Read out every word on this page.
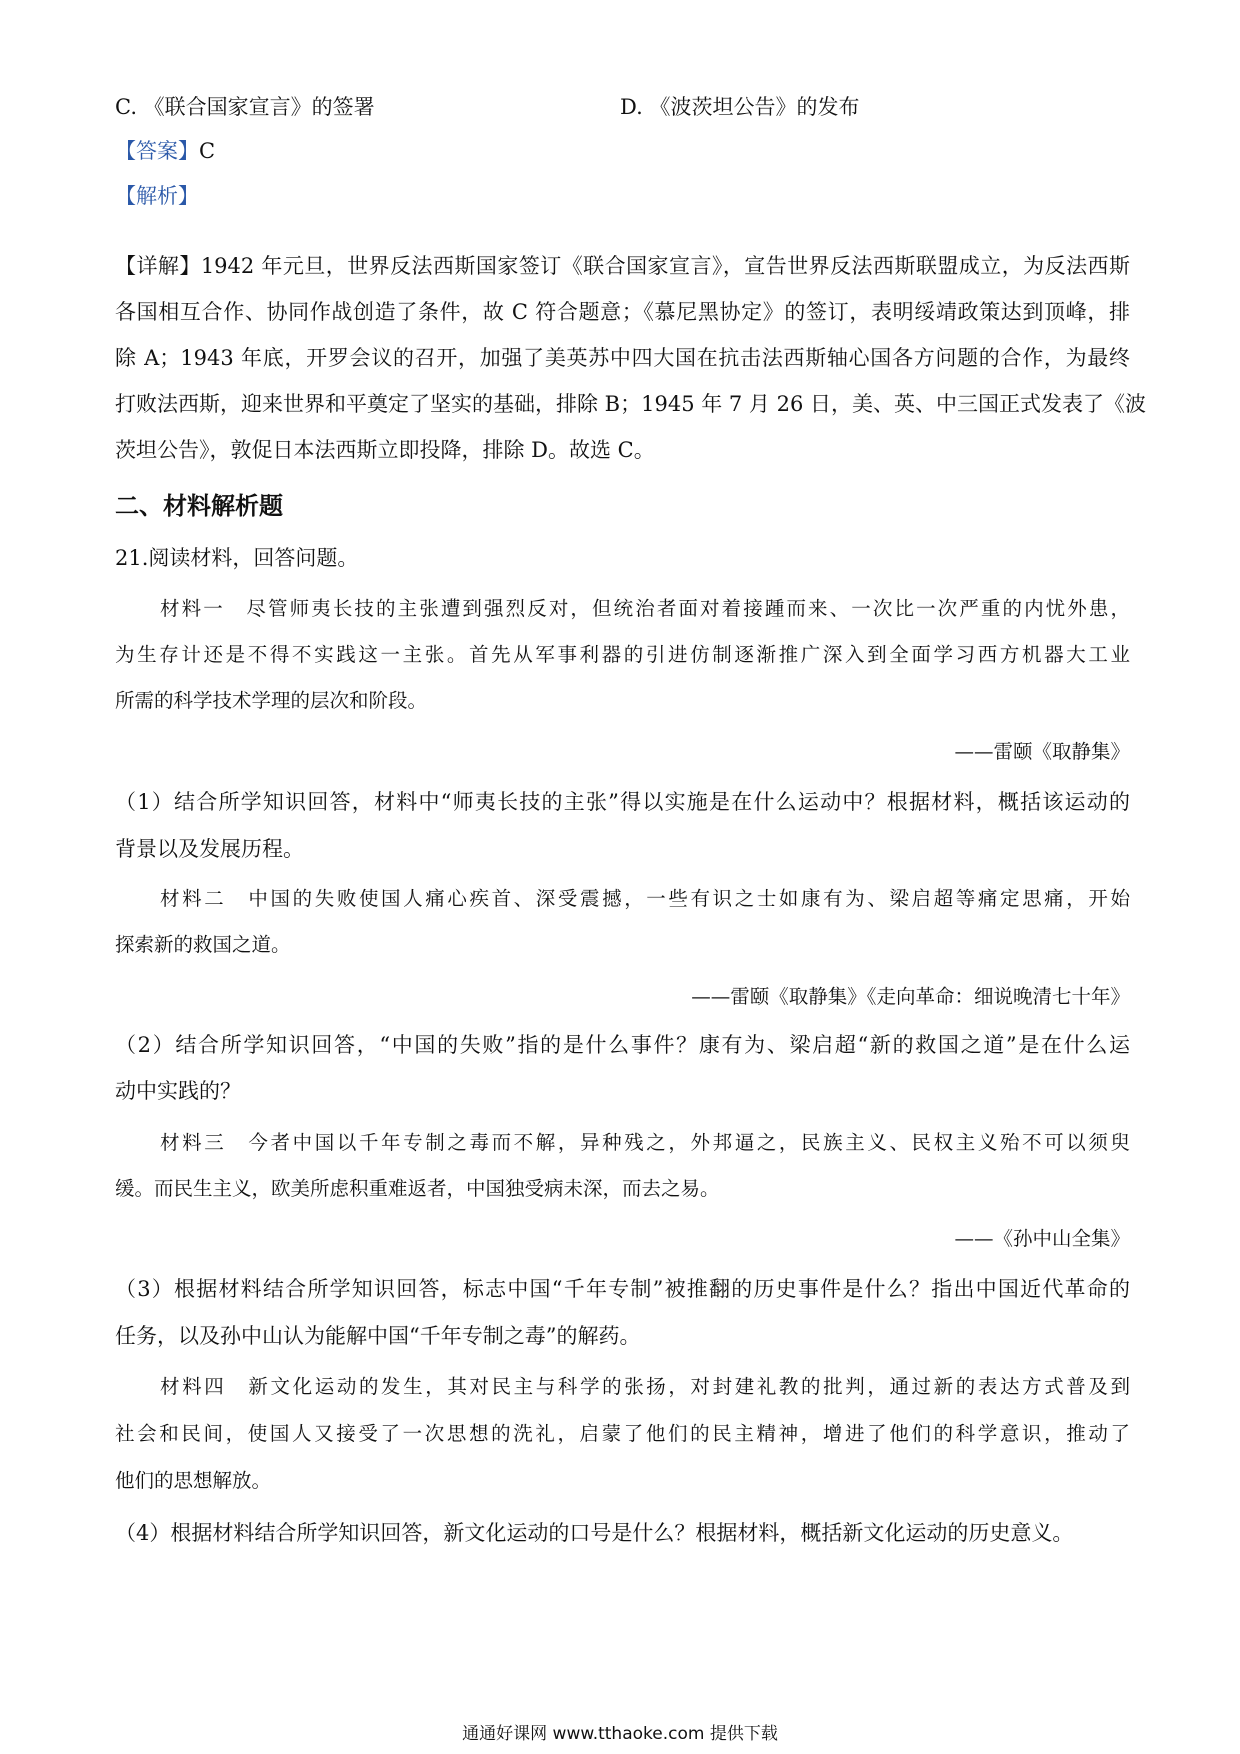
C. 《联合国家宣言》的签署	D. 《波茨坦公告》的发布
【答案】C
【解析】
【详解】1942 年元旦，世界反法西斯国家签订《联合国家宣言》，宣告世界反法西斯联盟成立，为反法西斯
各国相互合作、协同作战创造了条件，故 C 符合题意；《慕尼黑协定》的签订，表明绥靖政策达到顶峰，排
除 A；1943 年底，开罗会议的召开，加强了美英苏中四大国在抗击法西斯轴心国各方问题的合作，为最终
打败法西斯，迎来世界和平奠定了坚实的基础，排除 B；1945 年 7 月 26 日，美、英、中三国正式发表了《波
茨坦公告》，敦促日本法西斯立即投降，排除 D。故选 C。
二、材料解析题
21.阅读材料，回答问题。
材料一　尽管师夷长技的主张遭到强烈反对，但统治者面对着接踵而来、一次比一次严重的内忧外患，
为生存计还是不得不实践这一主张。首先从军事利器的引进仿制逐渐推广深入到全面学习西方机器大工业
所需的科学技术学理的层次和阶段。
——雷颐《取静集》
（1）结合所学知识回答，材料中“师夷长技的主张”得以实施是在什么运动中？根据材料，概括该运动的
背景以及发展历程。
材料二　中国的失败使国人痛心疾首、深受震撼，一些有识之士如康有为、梁启超等痛定思痛，开始
探索新的救国之道。
——雷颐《取静集》《走向革命：细说晚清七十年》
（2）结合所学知识回答，“中国的失败”指的是什么事件？康有为、梁启超“新的救国之道”是在什么运
动中实践的？
材料三　今者中国以千年专制之毒而不解，异种残之，外邦逼之，民族主义、民权主义殆不可以须臾
缓。而民生主义，欧美所虑积重难返者，中国独受病未深，而去之易。
——《孙中山全集》
（3）根据材料结合所学知识回答，标志中国“千年专制”被推翻的历史事件是什么？指出中国近代革命的
任务，以及孙中山认为能解中国“千年专制之毒”的解药。
材料四　新文化运动的发生，其对民主与科学的张扬，对封建礼教的批判，通过新的表达方式普及到
社会和民间，使国人又接受了一次思想的洗礼，启蒙了他们的民主精神，增进了他们的科学意识，推动了
他们的思想解放。
（4）根据材料结合所学知识回答，新文化运动的口号是什么？根据材料，概括新文化运动的历史意义。
通通好课网 www.tthaoke.com 提供下载
